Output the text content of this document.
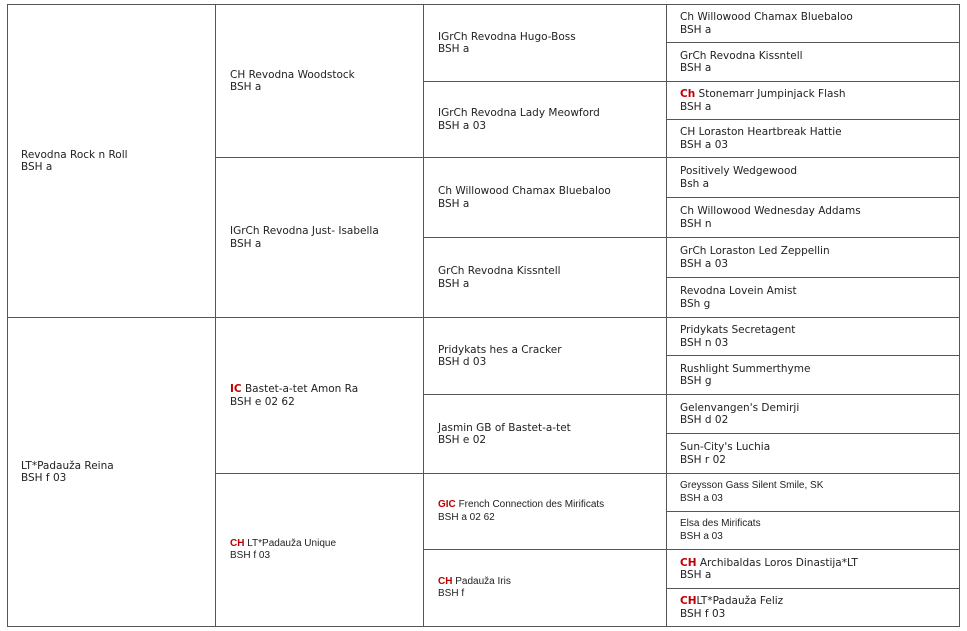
Revodna Rock n Roll
BSH a
LT*Padauža Reina
BSH f 03
CH Revodna Woodstock
BSH a
IGrCh Revodna Just- Isabella
BSH a
IC Bastet-a-tet Amon Ra
BSH e 02 62
CH LT*Padauža Unique
BSH f 03
IGrCh Revodna Hugo-Boss
BSH a
IGrCh Revodna Lady Meowford
BSH a 03
Ch Willowood Chamax Bluebaloo
BSH a
GrCh Revodna Kissntell
BSH a
Pridykats hes a Cracker
BSH d 03
Jasmin GB of Bastet-a-tet
BSH e 02
GIC French Connection des Mirificats
BSH a 02 62
CH Padauža Iris
BSH f
Ch Willowood Chamax Bluebaloo
BSH a
GrCh Revodna Kissntell
BSH a
Ch Stonemarr Jumpinjack Flash
BSH a
CH Loraston Heartbreak Hattie
BSH a 03
Positively Wedgewood
Bsh a
Ch Willowood Wednesday Addams
BSH n
GrCh Loraston Led Zeppellin
BSH a 03
Revodna Lovein Amist
BSh g
Pridykats Secretagent
BSH n 03
Rushlight Summerthyme
BSH g
Gelenvangen's Demirji
BSH d 02
Sun-City's Luchia
BSH r 02
Greysson Gass Silent Smile, SK
BSH a 03
Elsa des Mirificats
BSH a 03
CH Archibaldas Loros Dinastija*LT
BSH a
CHLT*Padauža Feliz
BSH f 03
